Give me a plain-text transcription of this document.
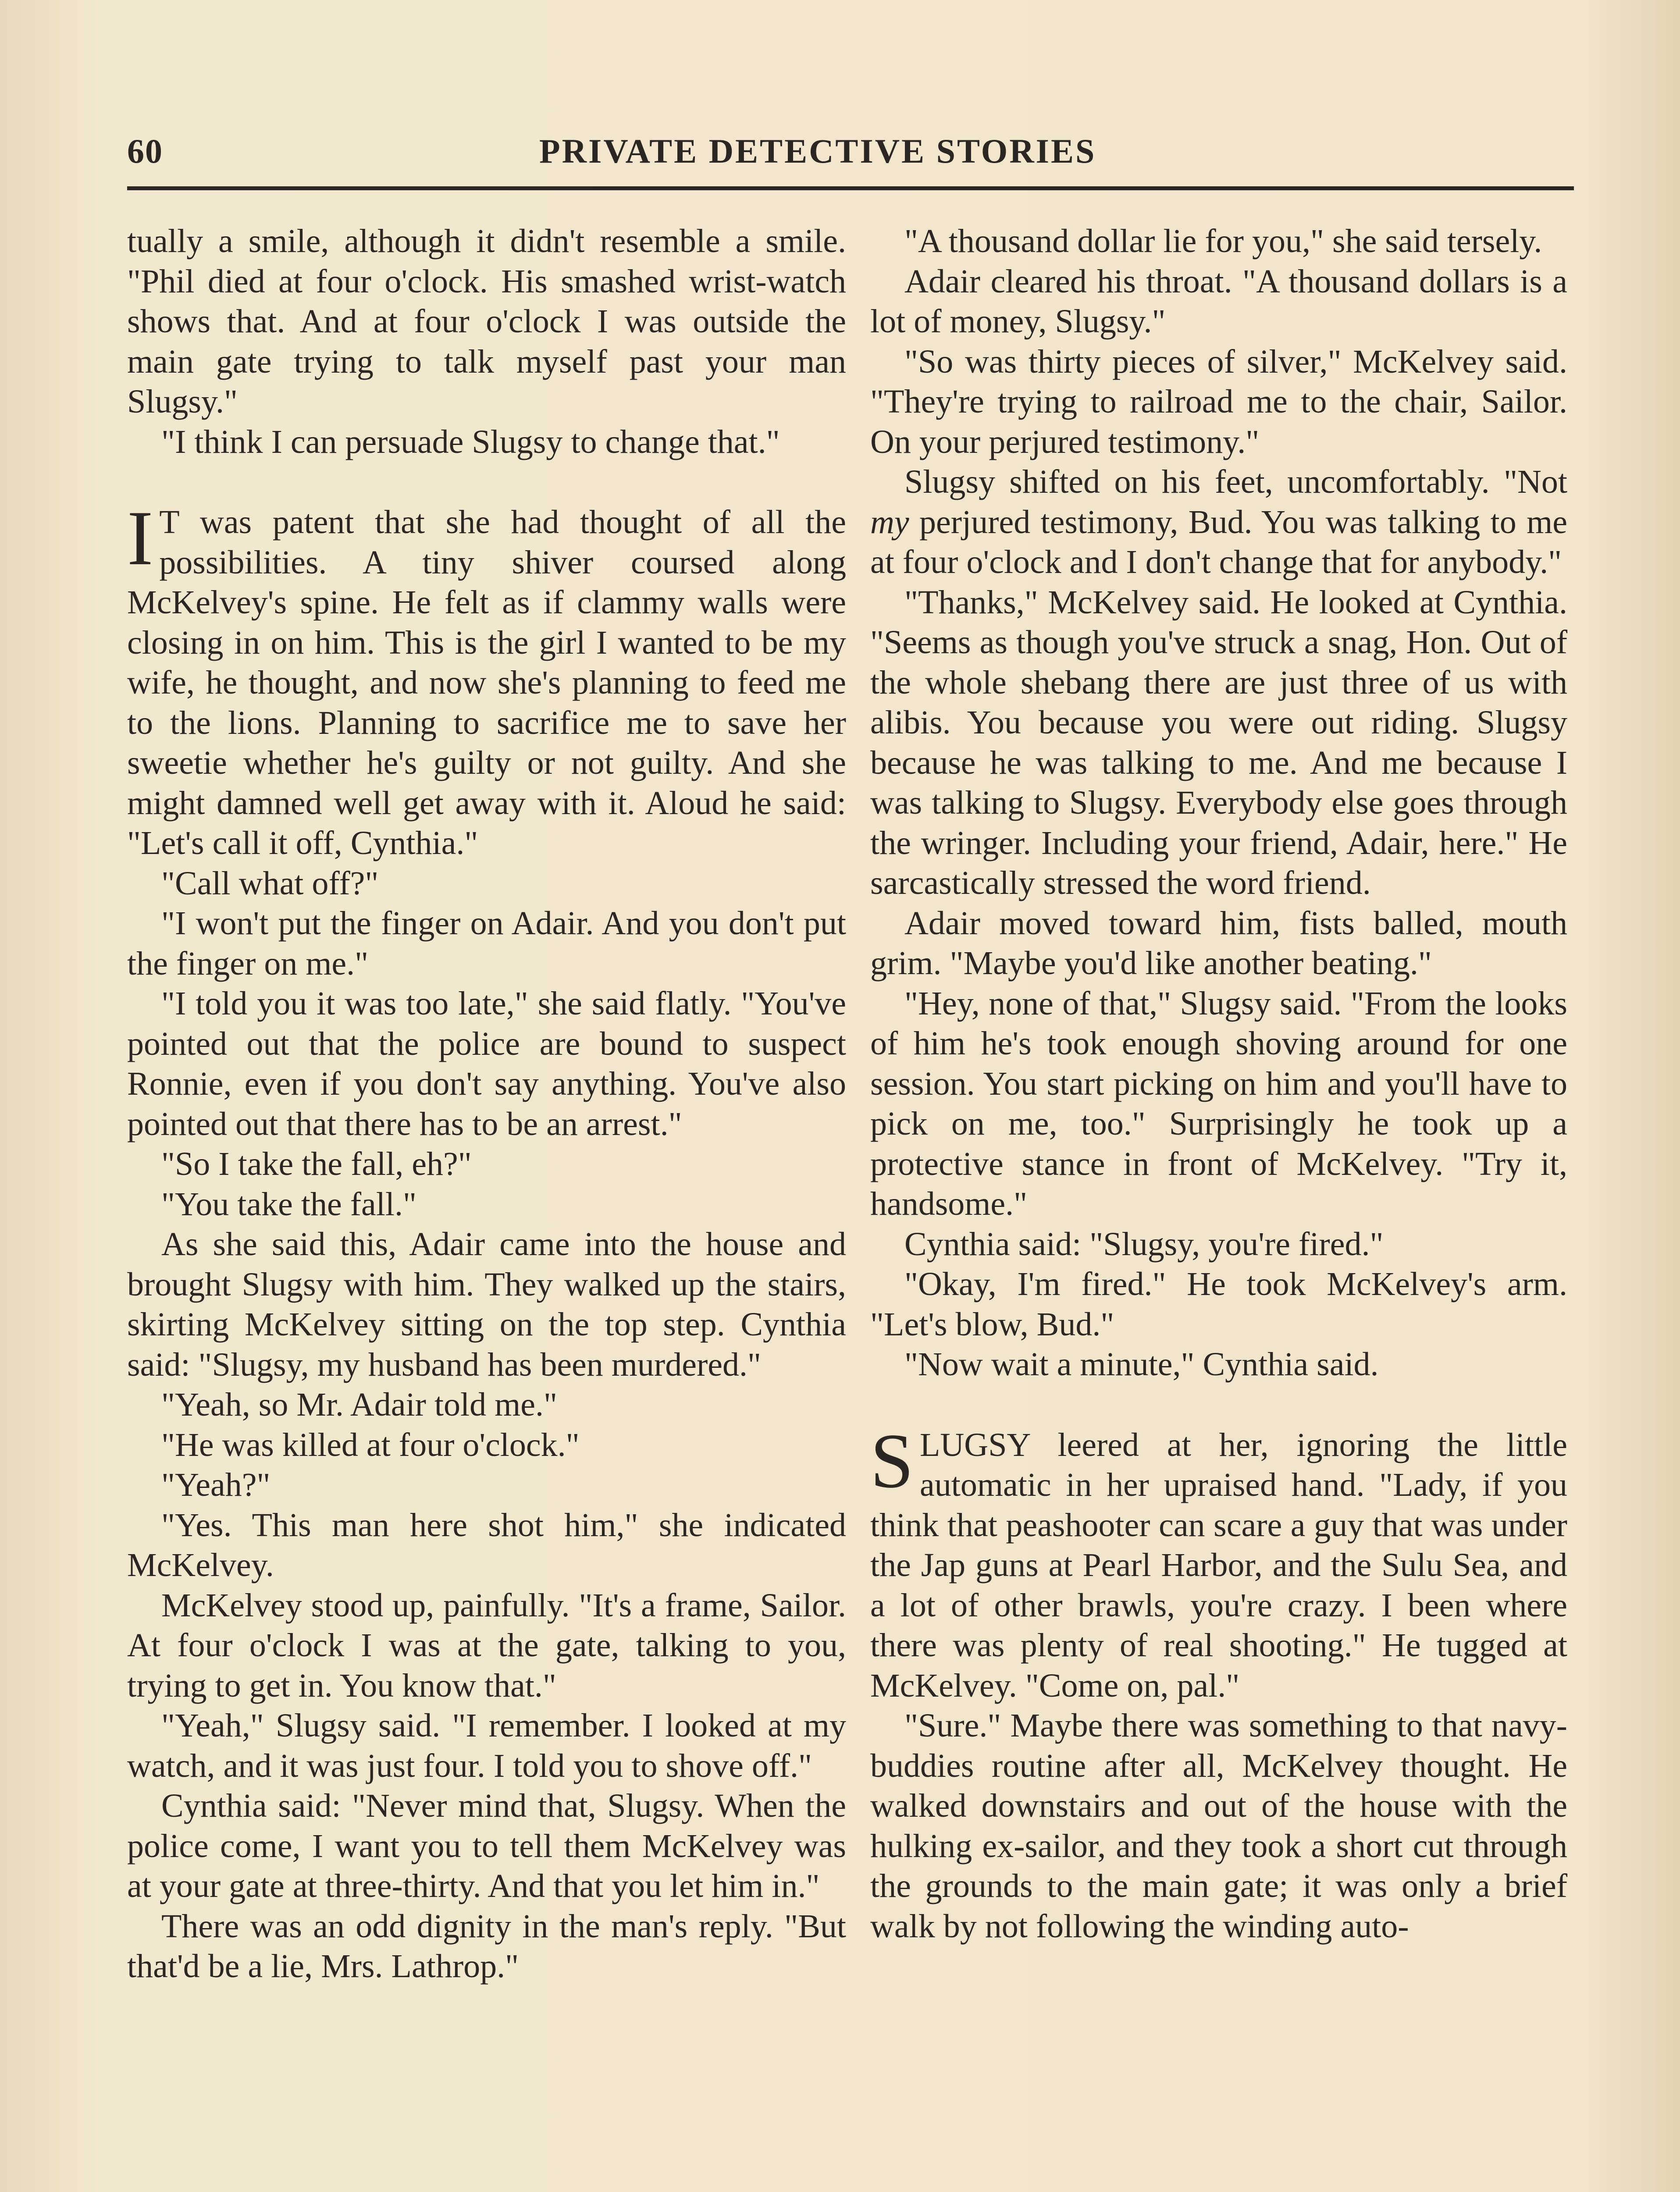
60	PRIVATE DETECTIVE STORIES

tually a smile, although it didn't resemble a smile. "Phil died at four o'clock. His smashed wrist-watch shows that. And at four o'clock I was outside the main gate trying to talk myself past your man Slugsy."

"I think I can persuade Slugsy to change that."

I T was patent that she had thought of all the possibilities. A tiny shiver coursed along McKelvey's spine. He felt as if clammy walls were closing in on him. This is the girl I wanted to be my wife, he thought, and now she's planning to feed me to the lions. Planning to sacrifice me to save her sweetie whether he's guilty or not guilty. And she might damned well get away with it. Aloud he said: "Let's call it off, Cynthia."

"Call what off?"

"I won't put the finger on Adair. And you don't put the finger on me."

"I told you it was too late," she said flatly. "You've pointed out that the police are bound to suspect Ronnie, even if you don't say anything. You've also pointed out that there has to be an arrest."

"So I take the fall, eh?"

"You take the fall."

As she said this, Adair came into the house and brought Slugsy with him. They walked up the stairs, skirting McKelvey sitting on the top step. Cynthia said: "Slugsy, my husband has been murdered."

"Yeah, so Mr. Adair told me."

"He was killed at four o'clock."

"Yeah?"

"Yes. This man here shot him," she indicated McKelvey.

McKelvey stood up, painfully. "It's a frame, Sailor. At four o'clock I was at the gate, talking to you, trying to get in. You know that."

"Yeah," Slugsy said. "I remember. I looked at my watch, and it was just four. I told you to shove off."

Cynthia said: "Never mind that, Slugsy. When the police come, I want you to tell them McKelvey was at your gate at three-thirty. And that you let him in."

There was an odd dignity in the man's reply. "But that'd be a lie, Mrs. Lathrop."

"A thousand dollar lie for you," she said tersely.

Adair cleared his throat. "A thousand dollars is a lot of money, Slugsy."

"So was thirty pieces of silver," McKelvey said. "They're trying to railroad me to the chair, Sailor. On your perjured testimony."

Slugsy shifted on his feet, uncomfortably. "Not my perjured testimony, Bud. You was talking to me at four o'clock and I don't change that for anybody."

"Thanks," McKelvey said. He looked at Cynthia. "Seems as though you've struck a snag, Hon. Out of the whole shebang there are just three of us with alibis. You because you were out riding. Slugsy because he was talking to me. And me because I was talking to Slugsy. Everybody else goes through the wringer. Including your friend, Adair, here." He sarcastically stressed the word friend.

Adair moved toward him, fists balled, mouth grim. "Maybe you'd like another beating."

"Hey, none of that," Slugsy said. "From the looks of him he's took enough shoving around for one session. You start picking on him and you'll have to pick on me, too." Surprisingly he took up a protective stance in front of McKelvey. "Try it, handsome."

Cynthia said: "Slugsy, you're fired."

"Okay, I'm fired." He took McKelvey's arm. "Let's blow, Bud."

"Now wait a minute," Cynthia said.

SLUGSY leered at her, ignoring the little automatic in her upraised hand. "Lady, if you think that peashooter can scare a guy that was under the Jap guns at Pearl Harbor, and the Sulu Sea, and a lot of other brawls, you're crazy. I been where there was plenty of real shooting." He tugged at McKelvey. "Come on, pal."

"Sure." Maybe there was something to that navy-buddies routine after all, McKelvey thought. He walked downstairs and out of the house with the hulking ex-sailor, and they took a short cut through the grounds to the main gate; it was only a brief walk by not following the winding auto-
